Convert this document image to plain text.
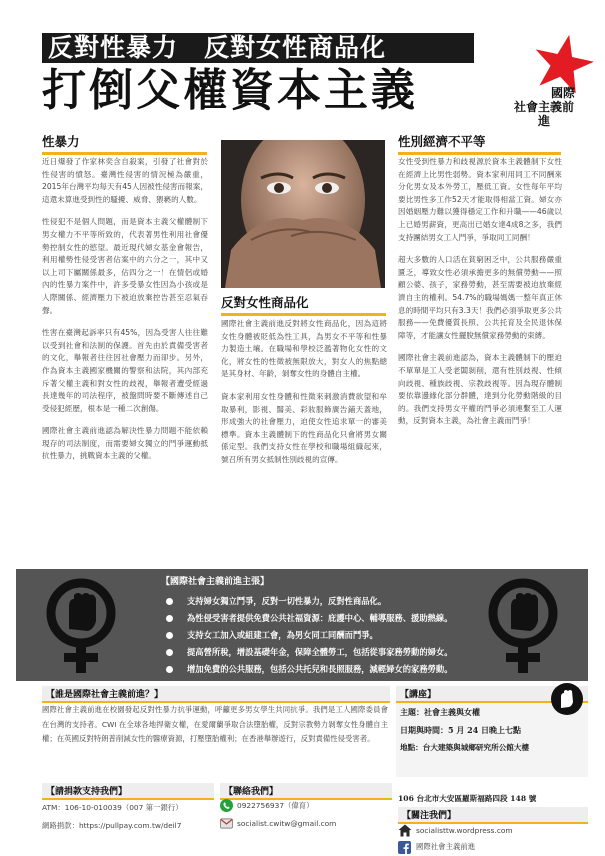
反對性暴力　反對女性商品化
打倒父權資本主義	國際
社會主義前進
性暴力

近日爆發了作家林奕含自殺案，引發了社會對於性侵害的憤怒。臺灣性侵害的情況極為嚴重，2015年台灣平均每天有45人因被性侵害而報案，這還未算進受到性的騷擾、威脅、猥褻的人數。

性侵犯不是個人問題，而是資本主義父權體制下男女權力不平等所致的，代表著男性利用社會優勢控制女性的慾望。最近現代婦女基金會報告，利用權勢性侵受害者佔案中的六分之一，其中又以上司下屬關係最多，佔四分之一！在情侶或婚內的性暴力案件中，許多受暴女性因為小孩或是人際關係、經濟壓力下被迫放棄控告甚至忍氣吞聲。

性害在臺灣起訴率只有45%，因為受害人往往難以受到社會和法制的保護。首先由於責備受害者的文化，舉報者往往因社會壓力而卻步。另外，作為資本主義國家機關的警察和法院，其內部充斥著父權主義和對女性的歧視，舉報者遭受經過長達幾年的司法程序，被盤問時要不斷傳述自己受侵犯經歷，根本是一種二次創傷。

國際社會主義前進認為解決性暴力問題不能依賴現存的司法制度，而需要婦女獨立的鬥爭運動抵抗性暴力，挑戰資本主義的父權。

反對女性商品化

國際社會主義前進反對將女性商品化，因為這將女性身體被貶低為性工具，為男女不平等和性暴力製造土壤。在職場和學校泛濫著物化女性的文化，將女性的性徵被無限放大，對女人的焦點總是其身材、年齡，剝奪女性的身體自主權。

資本家利用女性身體和性徵來刺激消費欲望和牟取暴利，影視、醫美、彩妝服飾廣告鋪天蓋地，形成強大的社會壓力，迫使女性追求單一的審美標準。資本主義體制下的性商品化只會將男女關係定型。我們支持女性在學校和職場組織起來，號召所有男女抵制性別歧視的宣傳。

性別經濟不平等

女性受到性暴力和歧視源於資本主義體制下女性在經濟上比男性弱勢。資本家利用同工不同酬來分化男女及本外勞工，壓低工資。女性每年平均要比男性多工作52天才能取得相當工資。婦女亦因婚姻壓力難以獲得穩定工作和升職——46歲以上已婚男薪資，更高出已婚女達4成8之多，我們支持團結男女工人鬥爭，爭取同工同酬！

超大多數的人口活在貧窮困乏中，公共服務嚴重匱乏，導致女性必須承擔更多的無償勞動——照顧公婆、孩子，家務勞動，甚至需要被迫放棄經濟自主的權利。54.7%的職場媽媽一整年真正休息的時間平均只有3.3天！我們必須爭取更多公共服務——免費優質長照、公共托育及全民退休保障等，才能讓女性擺脫無償家務勞動的束縛。

國際社會主義前進認為，資本主義體制下的壓迫不單單是工人受老闆剝削，還有性別歧視、性傾向歧視、種族歧視、宗教歧視等。因為現存體制要依靠邊緣化部分群體，達到分化勞動階級的目的。我們支持男女平權的鬥爭必須連繫至工人運動，反對資本主義，為社會主義而鬥爭！

【國際社會主義前進主張】
支持婦女獨立鬥爭，反對一切性暴力，反對性商品化。
為性侵受害者提供免費公共社福資源：庇護中心、輔導服務、援助熱線。
支持女工加入或組建工會，為男女同工同酬而鬥爭。
提高營所稅，增設基礎年金，保障全體勞工，包括從事家務勞動的婦女。
增加免費的公共服務，包括公共托兒和長照服務，減輕婦女的家務勞動。
【誰是國際社會主義前進？】
國際社會主義前進在校園發起反對性暴力抗爭運動，呼籲更多男女學生共同抗爭。我們是工人國際委員會在台灣的支持者。CWI 在全球各地捍衛女權，在愛爾蘭爭取合法墮胎權，反對宗教勢力剝奪女性身體自主權；在英國反對特朗普削減女性的醫療資源，打壓墮胎權利；在香港舉辦遊行，反對責備性侵受害者。
【講座】
主題：社會主義與女權
日期與時間：5 月 24 日晚上七點
地點：台大建築與城鄉研究所公館大樓
106 台北市大安區羅斯福路四段 148 號
【請捐款支持我們】
ATM：106-10-010039（007 第一銀行）
網路捐款：https://pullpay.com.tw/deil7
【聯絡我們】
0922756937（偉育）
socialist.cwitw@gmail.com
【關注我們】
socialisttw.wordpress.com
國際社會主義前進
